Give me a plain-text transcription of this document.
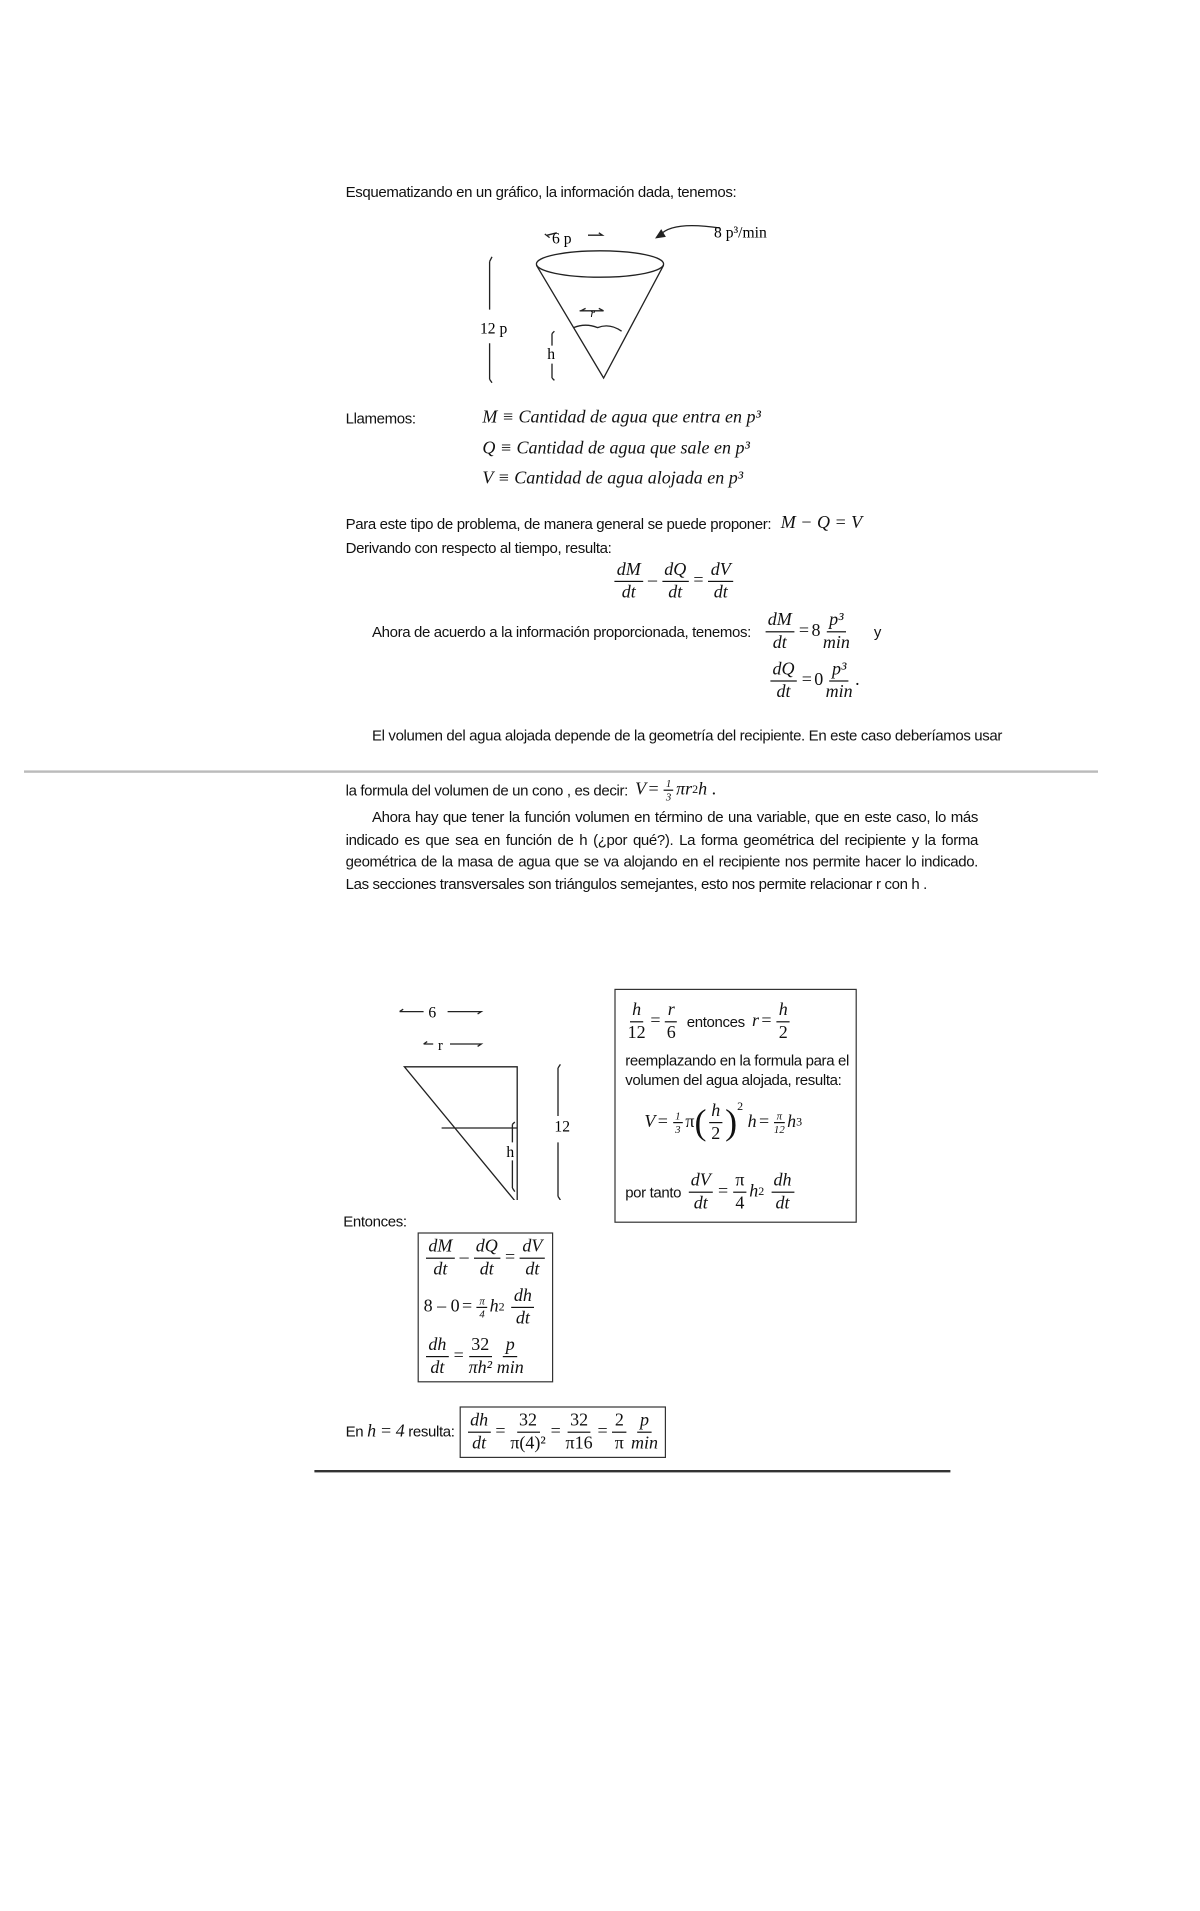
Esquematizando en un gráfico, la información dada, tenemos:
6 p	8 p³/min
12 p
r
h
Llamemos:	M ≡ Cantidad de agua que entra en p³
Q ≡ Cantidad de agua que sale en p³
V ≡ Cantidad de agua alojada en p³
Para este tipo de problema, de manera general se puede proponer: M − Q = V
Derivando con respecto al tiempo, resulta:
$\frac{dM}{dt} - \frac{dQ}{dt} = \frac{dV}{dt}$
Ahora de acuerdo a la información proporcionada, tenemos: $\frac{dM}{dt} = 8 \frac{\text{p³}}{\min}$ y
$\frac{dQ}{dt} = 0 \frac{\text{p³}}{\min}$ .
El volumen del agua alojada depende de la geometría del recipiente. En este caso deberíamos usar
la formula del volumen de un cono , es decir: $V = \frac{1}{3}$ πr 2 h .
Ahora hay que tener la función volumen en término de una variable, que en este caso, lo más indicado es que sea en función de h (¿por qué?). La forma geométrica del recipiente y la forma geométrica de la masa de agua que se va alojando en el recipiente nos permite hacer lo indicado. Las secciones transversales son triángulos semejantes, esto nos permite relacionar r con h .
6
r
h
12
$\frac{h}{12} = \frac{r}{6}$ entonces $r = \frac{h}{2}$
reemplazando en la formula para el volumen del agua alojada, resulta:
$V = \frac{1}{3}$ π ( $\frac{h}{2} )^2$

$h = \frac{\pi}{12}$ h 3
por tanto $\frac{dV}{dt} = \frac{\pi}{4}$ h 2
$\frac{dh}{dt}$
Entonces:
$\frac{dM}{dt} - \frac{dQ}{dt} = \frac{dV}{dt}$
$8 - 0 = \frac{\pi}{4}$ h 2
$\frac{dh}{dt}$
$\frac{dh}{dt} = \frac{32}{\text{πh²}} \frac{p}{\min}$
En h = 4 resulta: $\frac{dh}{dt} = \frac{32}{\text{π(4)²}} = \frac{32}{\pi 16} = \frac{2}{\pi} \frac{p}{\min}$
